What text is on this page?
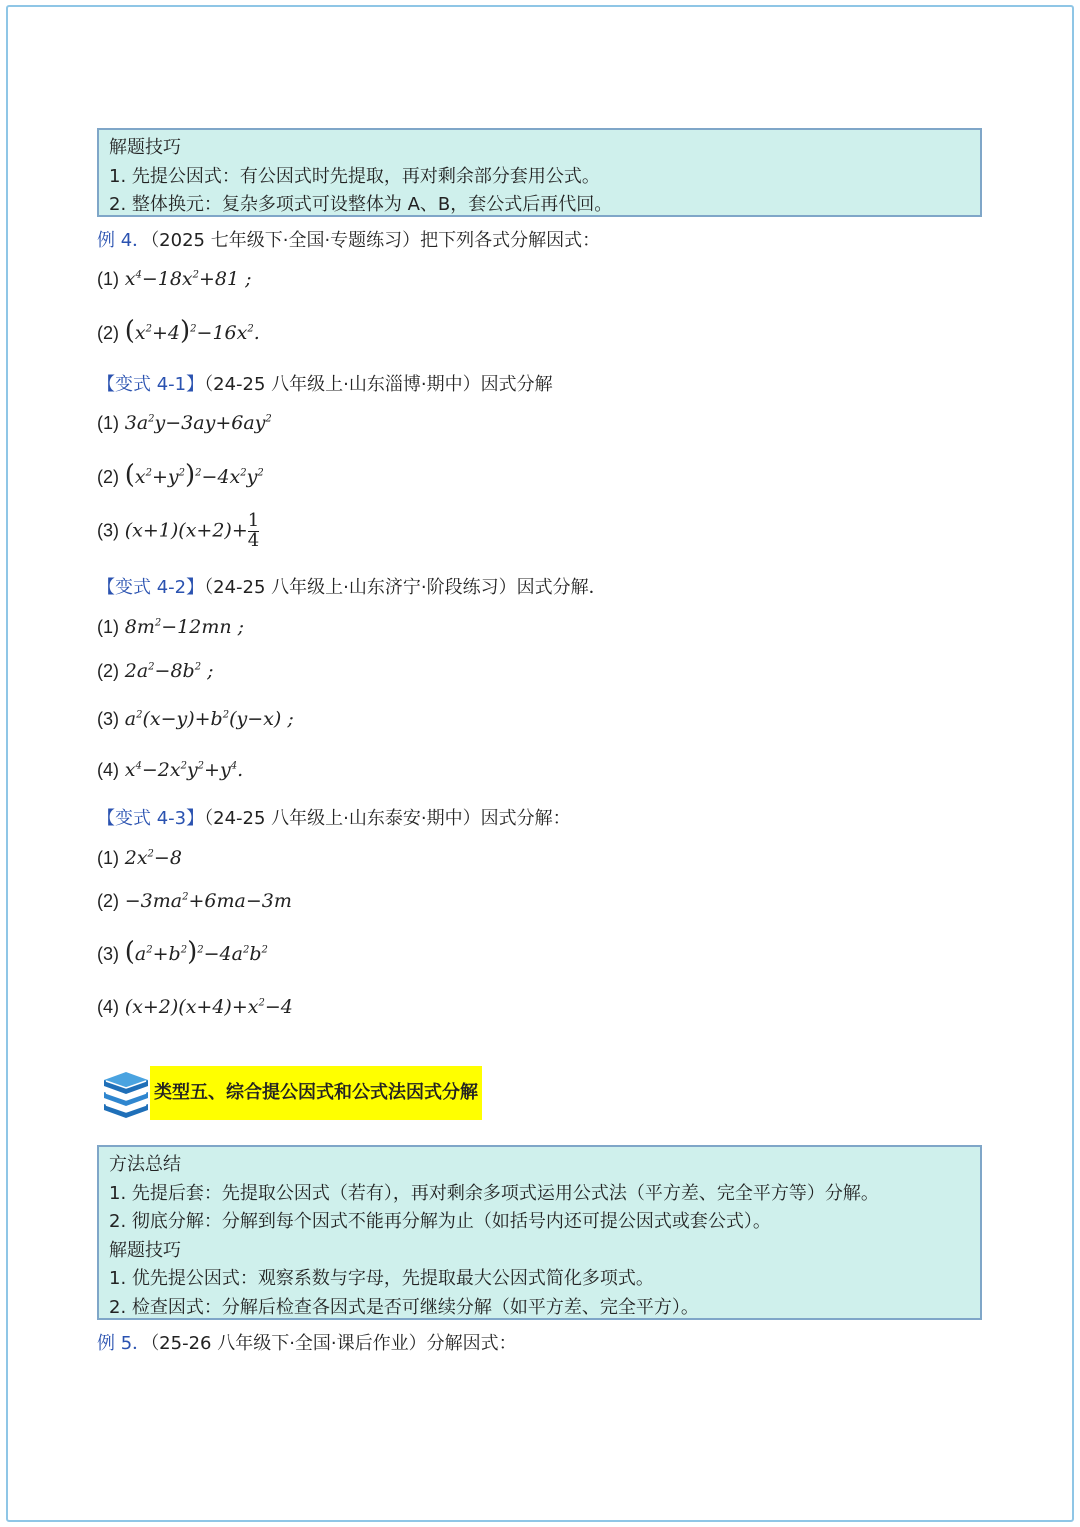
解题技巧
1. 先提公因式：有公因式时先提取，再对剩余部分套用公式。
2. 整体换元：复杂多项式可设整体为 A、B，套公式后再代回。
例 4．（2025 七年级下·全国·专题练习）把下列各式分解因式：
(1) $x^4-18x^2+81$ ;
(2) $(x^2+4)^2-16x^2$.
【变式 4-1】（24-25 八年级上·山东淄博·期中）因式分解
(1) $3a^2y-3ay+6ay^2$
(2) $(x^2+y^2)^2-4x^2y^2$
(3) $(x+1)(x+2)+ \frac{1}{4}$
【变式 4-2】（24-25 八年级上·山东济宁·阶段练习）因式分解．
(1) $8m^2-12mn$ ;
(2) $2a^2-8b^2$ ;
(3) $a^2(x-y)+b^2(y-x)$ ;
(4) $x^4-2x^2y^2+y^4$.
【变式 4-3】（24-25 八年级上·山东泰安·期中）因式分解：
(1) $2x^2-8$
$(2) -3ma^2+6ma-3m$
(3) $(a^2+b^2)^2-4a^2b^2$
(4) $(x+2)(x+4)+x^2-4$
类型五、综合提公因式和公式法因式分解
方法总结
1. 先提后套：先提取公因式（若有），再对剩余多项式运用公式法（平方差、完全平方等）分解。
2. 彻底分解：分解到每个因式不能再分解为止（如括号内还可提公因式或套公式）。
解题技巧
1. 优先提公因式：观察系数与字母，先提取最大公因式简化多项式。
2. 检查因式：分解后检查各因式是否可继续分解（如平方差、完全平方）。
例 5．（25-26 八年级下·全国·课后作业）分解因式：
